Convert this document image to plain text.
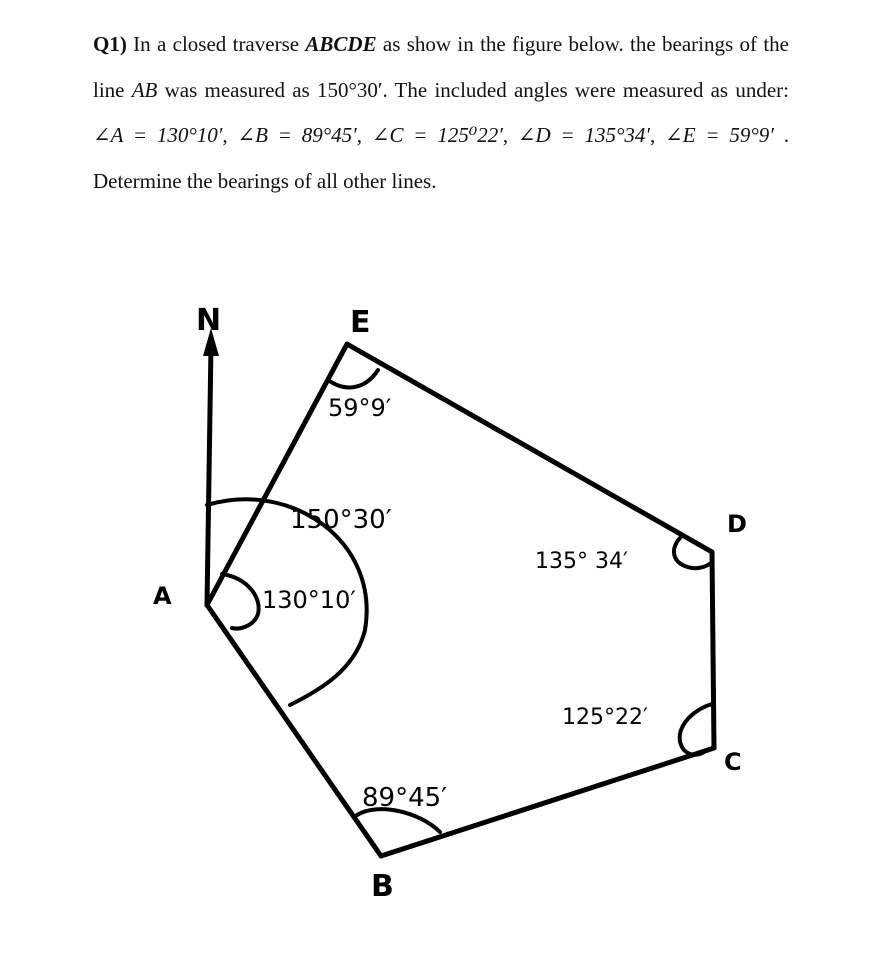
Q1) In a closed traverse ABCDE as show in the figure below. the bearings of the line AB was measured as 150°30′. The included angles were measured as under: ∠A = 130°10′, ∠B = 89°45′, ∠C = 125⁰22′, ∠D = 135°34′, ∠E = 59°9′ . Determine the bearings of all other lines.

N	E
A
D
C
B
59°9′
150°30′
130°10′
135° 34′
125°22′
89°45′
